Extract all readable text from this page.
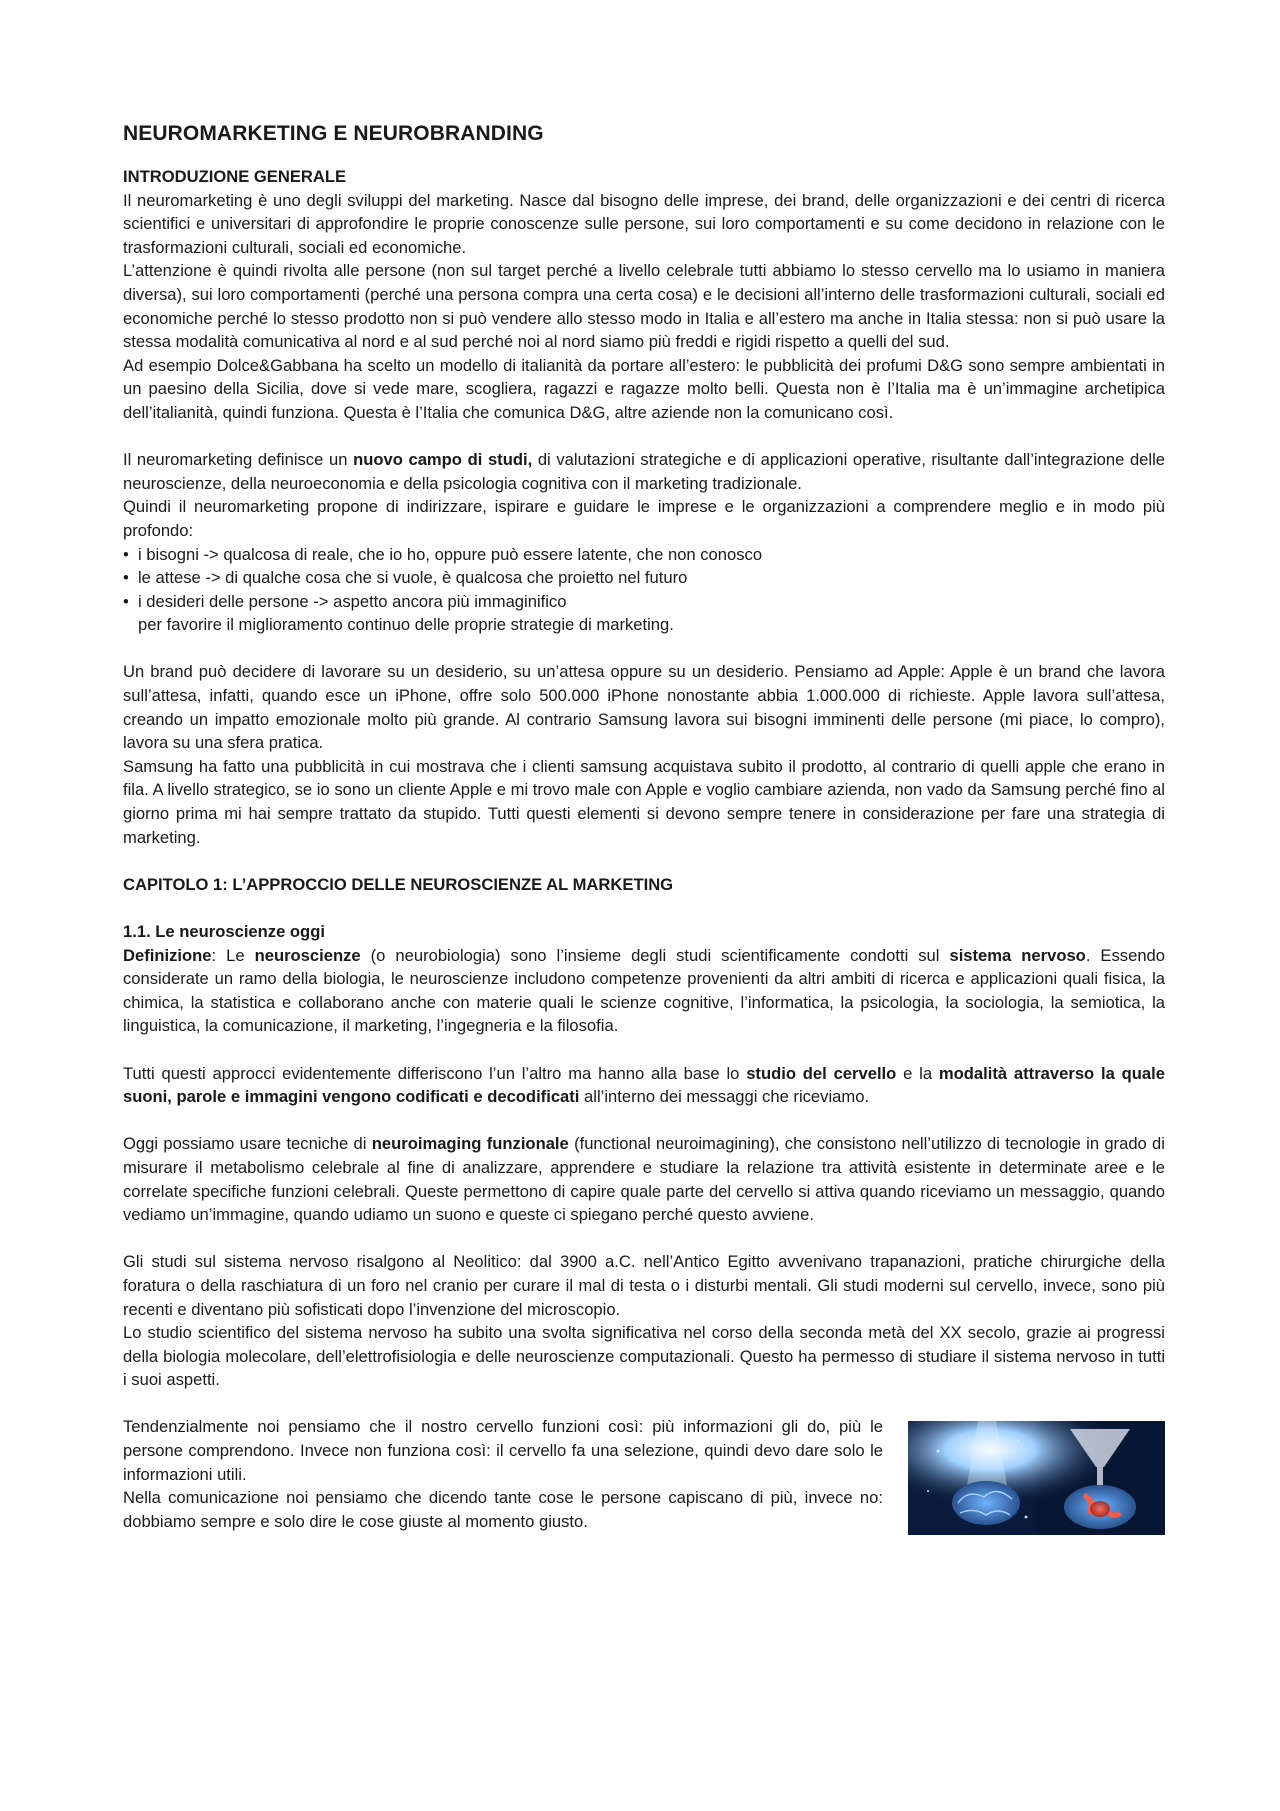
NEUROMARKETING E NEUROBRANDING
INTRODUZIONE GENERALE

Il neuromarketing è uno degli sviluppi del marketing. Nasce dal bisogno delle imprese, dei brand, delle organizzazioni e dei centri di ricerca scientifici e universitari di approfondire le proprie conoscenze sulle persone, sui loro comportamenti e su come decidono in relazione con le trasformazioni culturali, sociali ed economiche.

L’attenzione è quindi rivolta alle persone (non sul target perché a livello celebrale tutti abbiamo lo stesso cervello ma lo usiamo in maniera diversa), sui loro comportamenti (perché una persona compra una certa cosa) e le decisioni all’interno delle trasformazioni culturali, sociali ed economiche perché lo stesso prodotto non si può vendere allo stesso modo in Italia e all’estero ma anche in Italia stessa: non si può usare la stessa modalità comunicativa al nord e al sud perché noi al nord siamo più freddi e rigidi rispetto a quelli del sud.

Ad esempio Dolce&Gabbana ha scelto un modello di italianità da portare all’estero: le pubblicità dei profumi D&G sono sempre ambientati in un paesino della Sicilia, dove si vede mare, scogliera, ragazzi e ragazze molto belli. Questa non è l’Italia ma è un’immagine archetipica dell’italianità, quindi funziona. Questa è l’Italia che comunica D&G, altre aziende non la comunicano così.

Il neuromarketing definisce un nuovo campo di studi, di valutazioni strategiche e di applicazioni operative, risultante dall’integrazione delle neuroscienze, della neuroeconomia e della psicologia cognitiva con il marketing tradizionale.

Quindi il neuromarketing propone di indirizzare, ispirare e guidare le imprese e le organizzazioni a comprendere meglio e in modo più profondo:

• i bisogni -> qualcosa di reale, che io ho, oppure può essere latente, che non conosco
• le attese -> di qualche cosa che si vuole, è qualcosa che proietto nel futuro
• i desideri delle persone -> aspetto ancora più immaginifico

per favorire il miglioramento continuo delle proprie strategie di marketing.

Un brand può decidere di lavorare su un desiderio, su un’attesa oppure su un desiderio. Pensiamo ad Apple: Apple è un brand che lavora sull’attesa, infatti, quando esce un iPhone, offre solo 500.000 iPhone nonostante abbia 1.000.000 di richieste. Apple lavora sull’attesa, creando un impatto emozionale molto più grande. Al contrario Samsung lavora sui bisogni imminenti delle persone (mi piace, lo compro), lavora su una sfera pratica.

Samsung ha fatto una pubblicità in cui mostrava che i clienti samsung acquistava subito il prodotto, al contrario di quelli apple che erano in fila. A livello strategico, se io sono un cliente Apple e mi trovo male con Apple e voglio cambiare azienda, non vado da Samsung perché fino al giorno prima mi hai sempre trattato da stupido. Tutti questi elementi si devono sempre tenere in considerazione per fare una strategia di marketing.

CAPITOLO 1: L’APPROCCIO DELLE NEUROSCIENZE AL MARKETING
1.1. Le neuroscienze oggi

Definizione: Le neuroscienze (o neurobiologia) sono l’insieme degli studi scientificamente condotti sul sistema nervoso. Essendo considerate un ramo della biologia, le neuroscienze includono competenze provenienti da altri ambiti di ricerca e applicazioni quali fisica, la chimica, la statistica e collaborano anche con materie quali le scienze cognitive, l’informatica, la psicologia, la sociologia, la semiotica, la linguistica, la comunicazione, il marketing, l’ingegneria e la filosofia.

Tutti questi approcci evidentemente differiscono l’un l’altro ma hanno alla base lo studio del cervello e la modalità attraverso la quale suoni, parole e immagini vengono codificati e decodificati all’interno dei messaggi che riceviamo.

Oggi possiamo usare tecniche di neuroimaging funzionale (functional neuroimagining), che consistono nell’utilizzo di tecnologie in grado di misurare il metabolismo celebrale al fine di analizzare, apprendere e studiare la relazione tra attività esistente in determinate aree e le correlate specifiche funzioni celebrali. Queste permettono di capire quale parte del cervello si attiva quando riceviamo un messaggio, quando vediamo un’immagine, quando udiamo un suono e queste ci spiegano perché questo avviene.

Gli studi sul sistema nervoso risalgono al Neolitico: dal 3900 a.C. nell’Antico Egitto avvenivano trapanazioni, pratiche chirurgiche della foratura o della raschiatura di un foro nel cranio per curare il mal di testa o i disturbi mentali. Gli studi moderni sul cervello, invece, sono più recenti e diventano più sofisticati dopo l’invenzione del microscopio.

Lo studio scientifico del sistema nervoso ha subito una svolta significativa nel corso della seconda metà del XX secolo, grazie ai progressi della biologia molecolare, dell’elettrofisiologia e delle neuroscienze computazionali. Questo ha permesso di studiare il sistema nervoso in tutti i suoi aspetti.

Tendenzialmente noi pensiamo che il nostro cervello funzioni così: più informazioni gli do, più le persone comprendono. Invece non funziona così: il cervello fa una selezione, quindi devo dare solo le informazioni utili.

Nella comunicazione noi pensiamo che dicendo tante cose le persone capiscano di più, invece no: dobbiamo sempre e solo dire le cose giuste al momento giusto.
